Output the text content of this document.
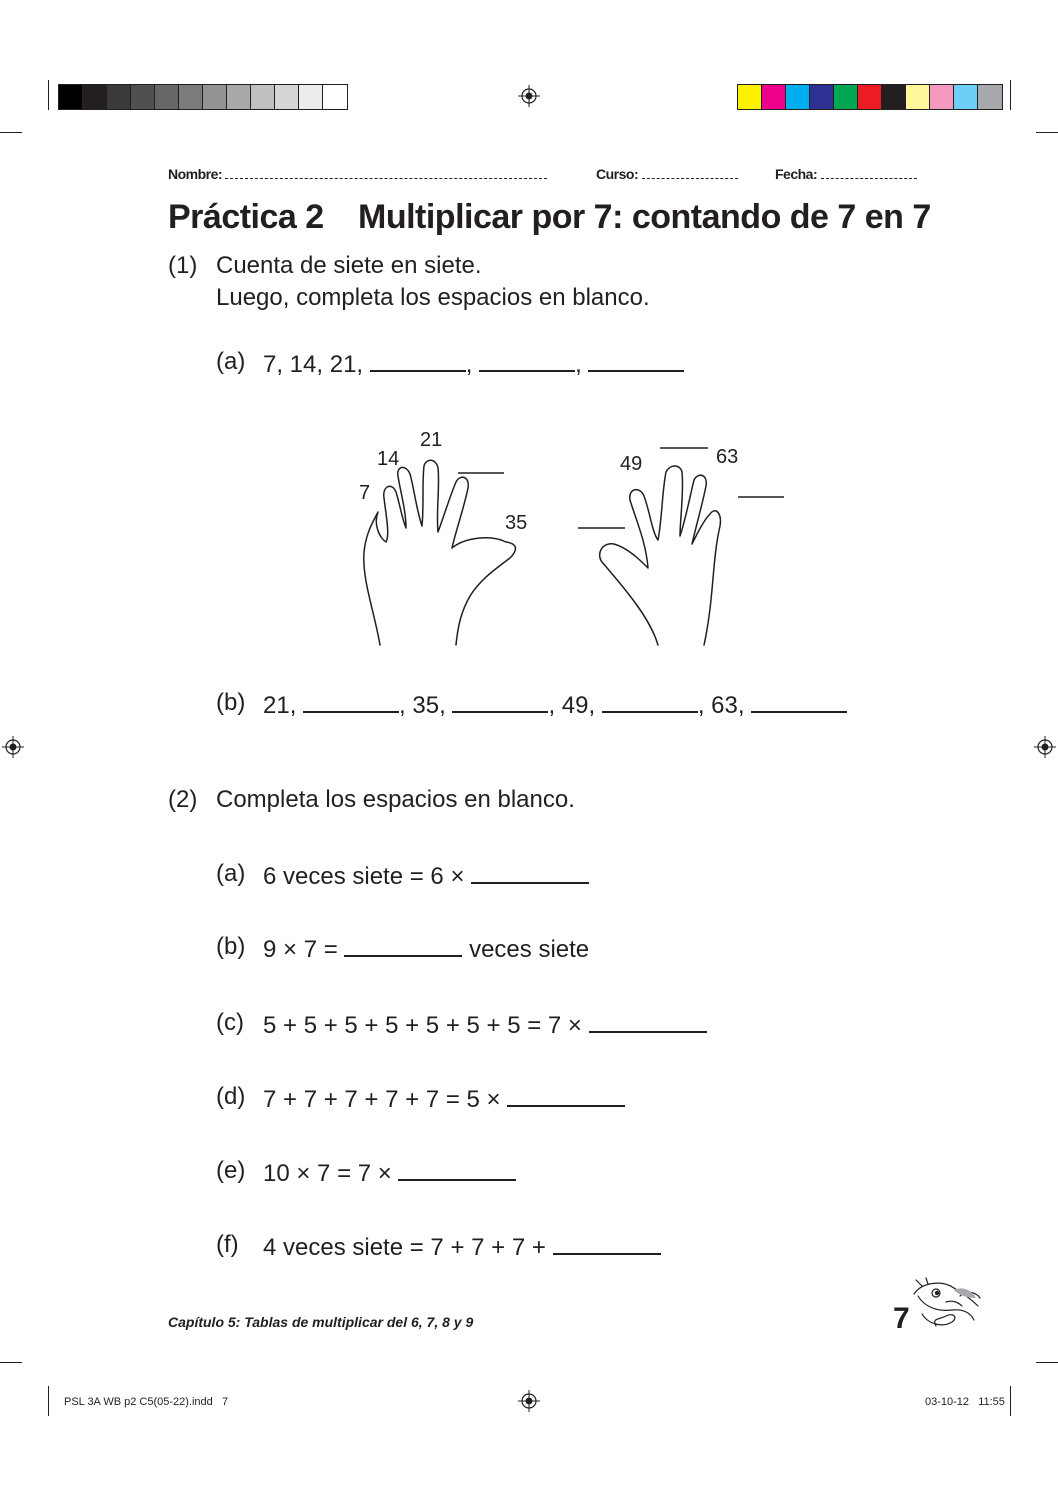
Nombre:	Curso:	Fecha:
Práctica 2 Multiplicar por 7: contando de 7 en 7
(1) Cuenta de siete en siete.
Luego, completa los espacios en blanco.
(a) 7, 14, 21,	,	,
7
14
21
35
49	63
(b) 21,	, 35,	, 49,	, 63,
(2) Completa los espacios en blanco.
(a) 6 veces siete = 6 ×
(b) 9 × 7 =	veces siete
(c) 5 + 5 + 5 + 5 + 5 + 5 + 5 = 7 ×
(d) 7 + 7 + 7 + 7 + 7 = 5 ×
(e) 10 × 7 = 7 ×
(f) 4 veces siete = 7 + 7 + 7 +
Capítulo 5: Tablas de multiplicar del 6, 7, 8 y 9	7
PSL 3A WB p2 C5(05-22).indd   7	03-10-12   11:55
